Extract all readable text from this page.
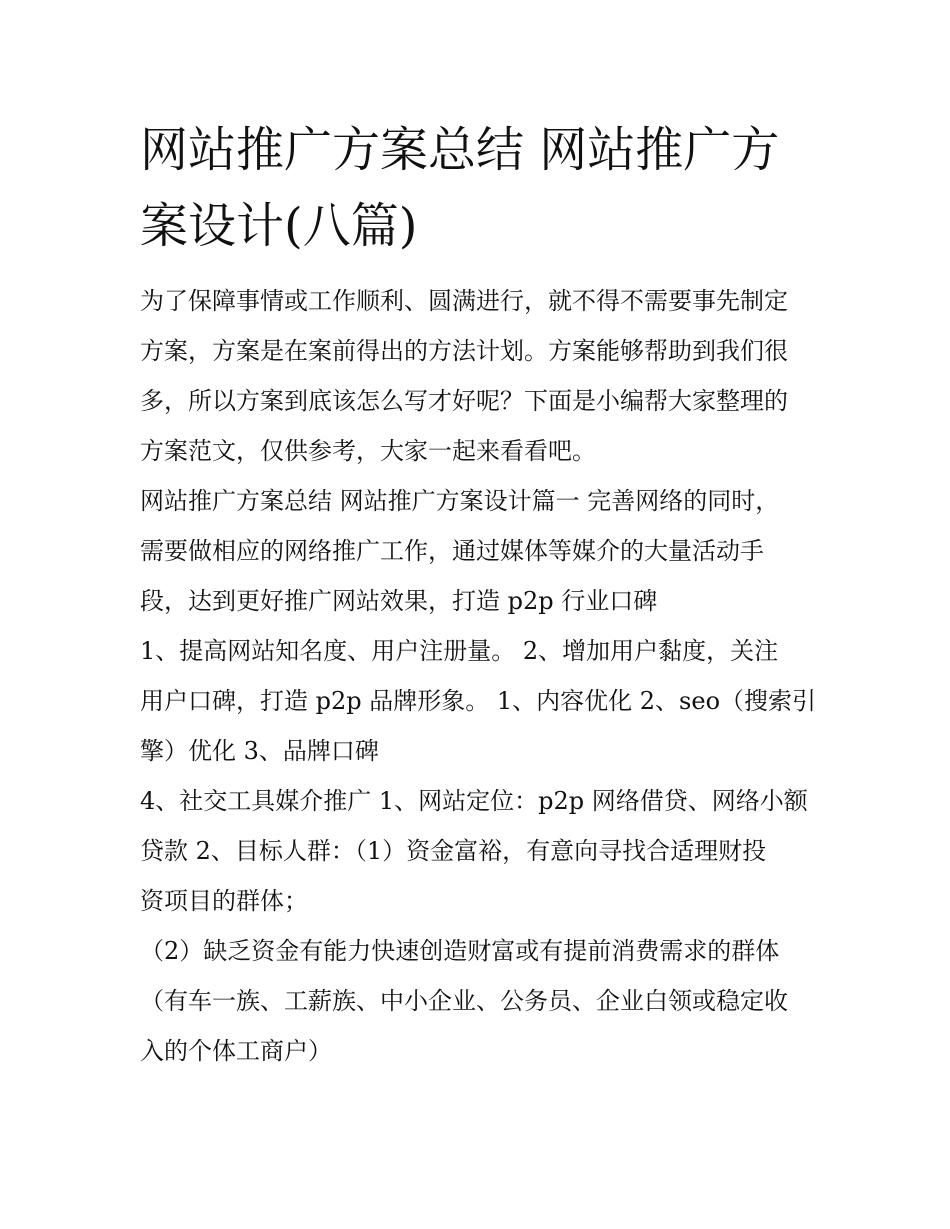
网站推广方案总结 网站推广方
案设计(八篇)
为了保障事情或工作顺利、圆满进行，就不得不需要事先制定
方案，方案是在案前得出的方法计划。方案能够帮助到我们很
多，所以方案到底该怎么写才好呢？下面是小编帮大家整理的
方案范文，仅供参考，大家一起来看看吧。
网站推广方案总结 网站推广方案设计篇一 完善网络的同时，
需要做相应的网络推广工作，通过媒体等媒介的大量活动手
段，达到更好推广网站效果，打造 p2p 行业口碑
1、提高网站知名度、用户注册量。 2、增加用户黏度，关注
用户口碑，打造 p2p 品牌形象。 1、内容优化 2、seo（搜索引
擎）优化 3、品牌口碑
4、社交工具媒介推广 1、网站定位：p2p 网络借贷、网络小额
贷款 2、目标人群：（1）资金富裕，有意向寻找合适理财投
资项目的群体；
（2）缺乏资金有能力快速创造财富或有提前消费需求的群体
（有车一族、工薪族、中小企业、公务员、企业白领或稳定收
入的个体工商户）
